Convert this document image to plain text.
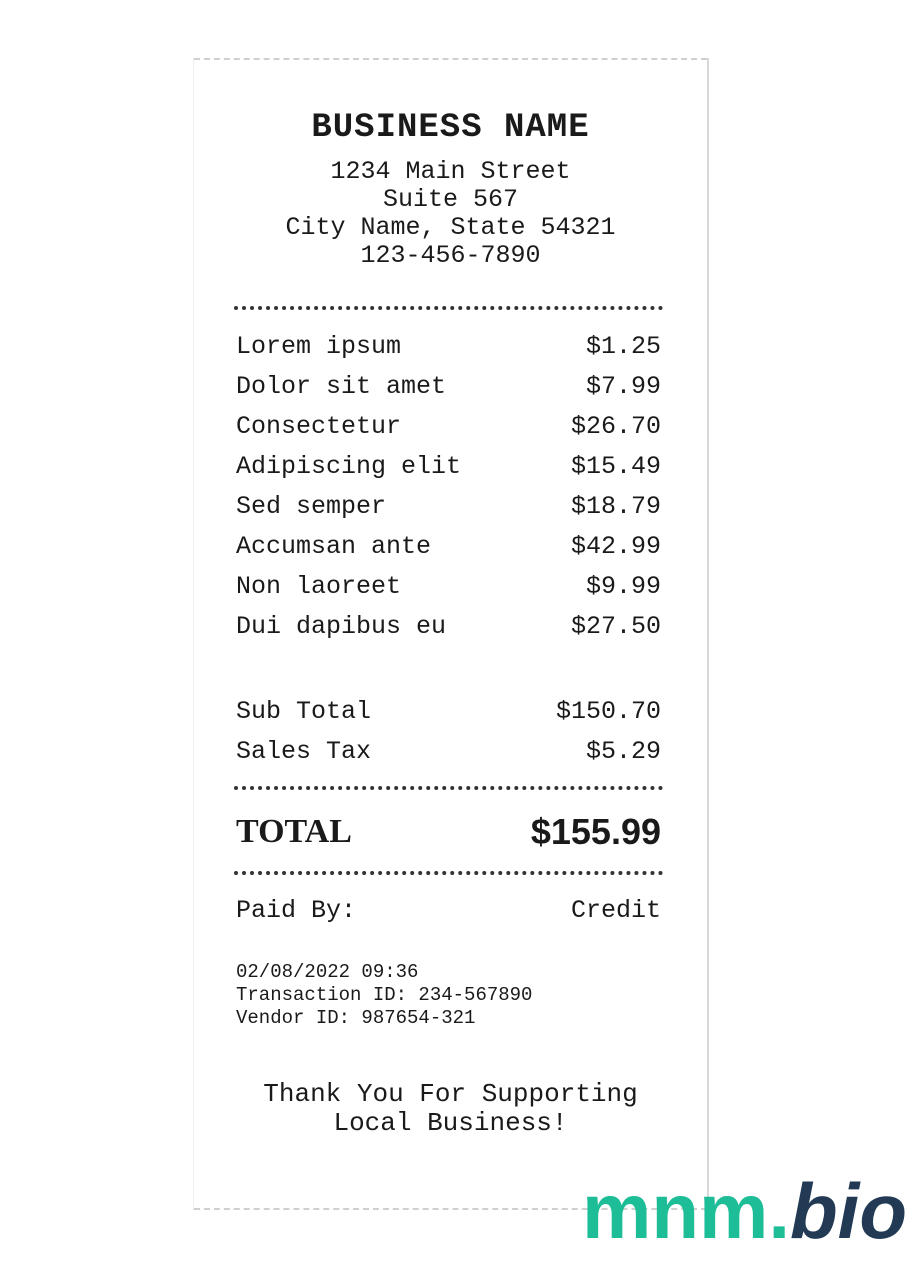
BUSINESS NAME
1234 Main Street
Suite 567
City Name, State 54321
123-456-7890
Lorem ipsum	$1.25
Dolor sit amet	$7.99
Consectetur	$26.70
Adipiscing elit	$15.49
Sed semper	$18.79
Accumsan ante	$42.99
Non laoreet	$9.99
Dui dapibus eu	$27.50
Sub Total	$150.70
Sales Tax	$5.29
TOTAL	$155.99
Paid By:	Credit
02/08/2022 09:36
Transaction ID: 234-567890
Vendor ID: 987654-321
Thank You For Supporting
Local Business!
mnm.bio
